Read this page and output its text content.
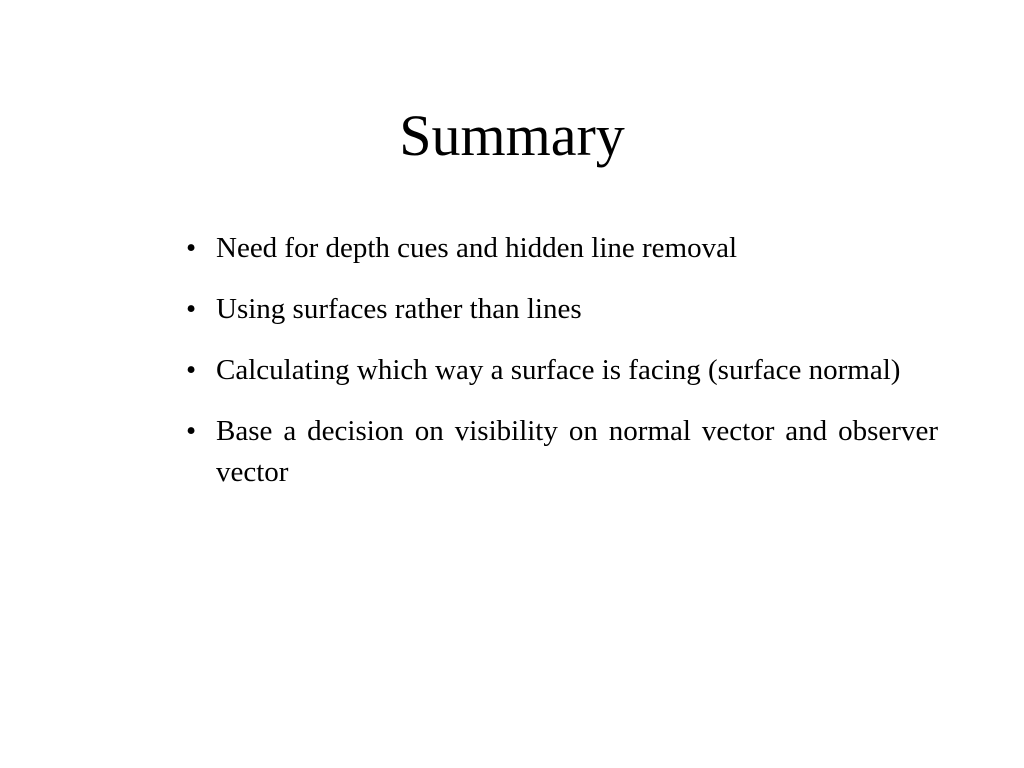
Summary
• Need for depth cues and hidden line removal
• Using surfaces rather than lines
• Calculating which way a surface is facing (surface normal)
• Base a decision on visibility on normal vector and observer vector
